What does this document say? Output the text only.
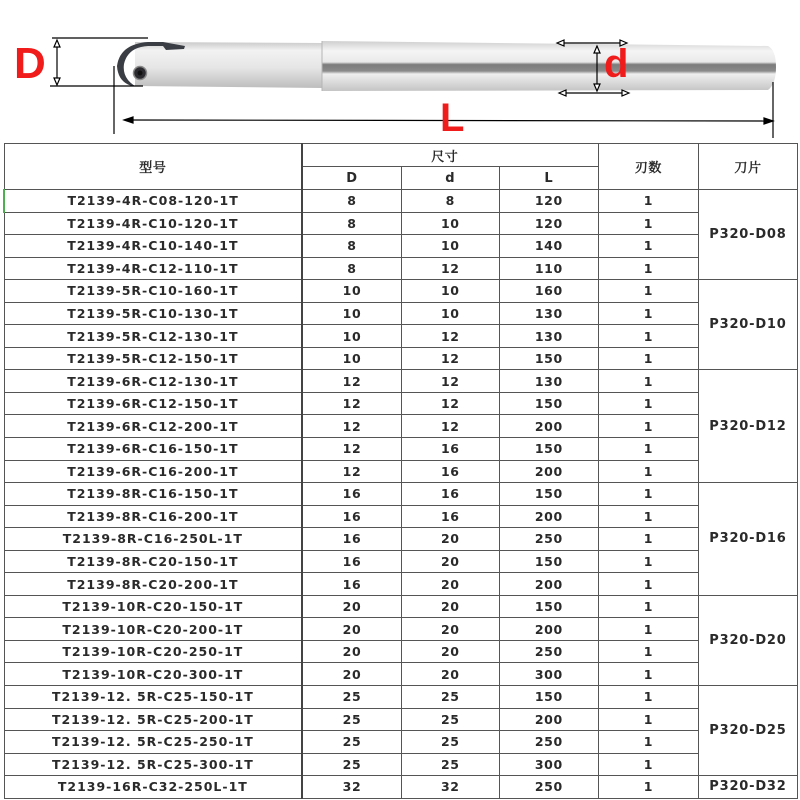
D	d
L
型号	尺寸			刃数	刀片
	D	d	L		
T2139-4R-C08-120-1T	8	8	120	1	P320-D08
T2139-4R-C10-120-1T	8	10	120	1	
T2139-4R-C10-140-1T	8	10	140	1	
T2139-4R-C12-110-1T	8	12	110	1	
T2139-5R-C10-160-1T	10	10	160	1	P320-D10
T2139-5R-C10-130-1T	10	10	130	1	
T2139-5R-C12-130-1T	10	12	130	1	
T2139-5R-C12-150-1T	10	12	150	1	
T2139-6R-C12-130-1T	12	12	130	1	P320-D12
T2139-6R-C12-150-1T	12	12	150	1	
T2139-6R-C12-200-1T	12	12	200	1	
T2139-6R-C16-150-1T	12	16	150	1	
T2139-6R-C16-200-1T	12	16	200	1	
T2139-8R-C16-150-1T	16	16	150	1	P320-D16
T2139-8R-C16-200-1T	16	16	200	1	
T2139-8R-C16-250L-1T	16	20	250	1	
T2139-8R-C20-150-1T	16	20	150	1	
T2139-8R-C20-200-1T	16	20	200	1	
T2139-10R-C20-150-1T	20	20	150	1	P320-D20
T2139-10R-C20-200-1T	20	20	200	1	
T2139-10R-C20-250-1T	20	20	250	1	
T2139-10R-C20-300-1T	20	20	300	1	
T2139-12. 5R-C25-150-1T	25	25	150	1	P320-D25
T2139-12. 5R-C25-200-1T	25	25	200	1	
T2139-12. 5R-C25-250-1T	25	25	250	1	
T2139-12. 5R-C25-300-1T	25	25	300	1	
T2139-16R-C32-250L-1T	32	32	250	1	P320-D32
